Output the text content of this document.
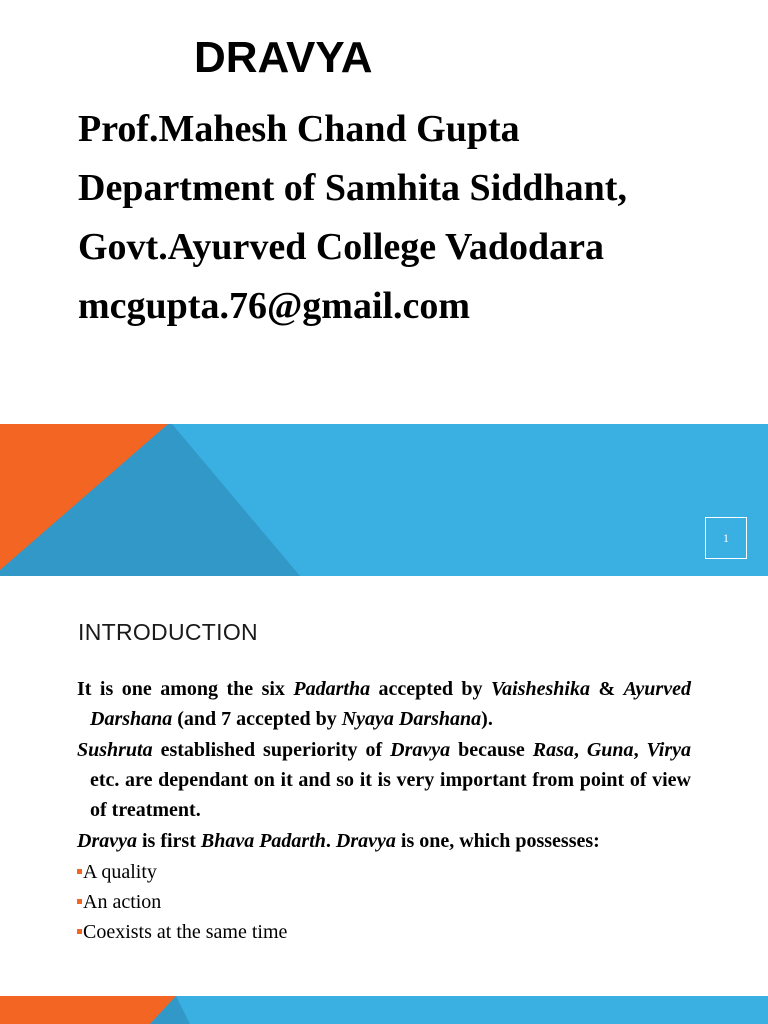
DRAVYA
Prof.Mahesh Chand Gupta
Department of Samhita Siddhant,
Govt.Ayurved College Vadodara
mcgupta.76@gmail.com
1
INTRODUCTION

It is one among the six Padartha accepted by Vaisheshika & Ayurved Darshana (and 7 accepted by Nyaya Darshana).

Sushruta established superiority of Dravya because Rasa, Guna, Virya etc. are dependant on it and so it is very important from point of view of treatment.

Dravya is first Bhava Padarth. Dravya is one, which possesses:

A quality
An action
Coexists at the same time
